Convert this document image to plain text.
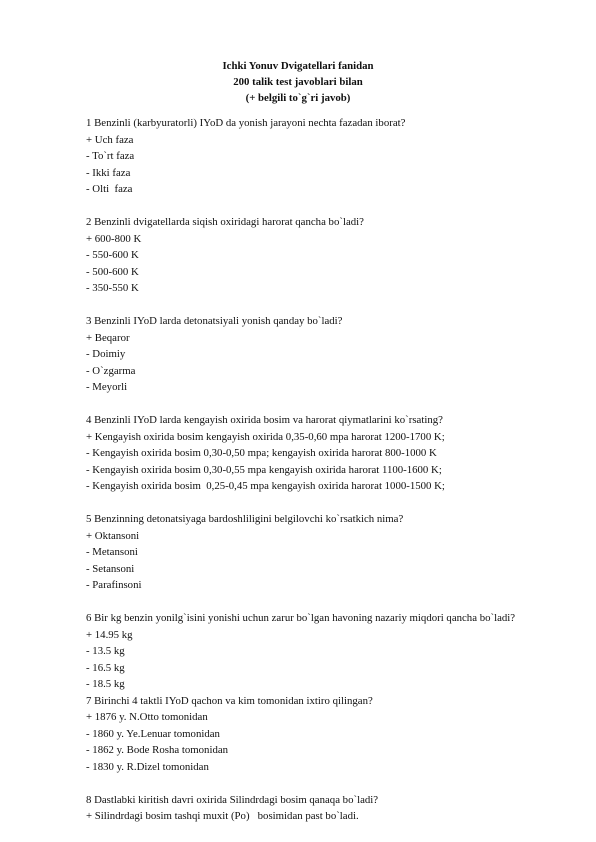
Ichki Yonuv Dvigatellari fanidan
200 talik test javoblari bilan
(+ belgili to`g`ri javob)
1 Benzinli (karbyuratorli) IYoD da yonish jarayoni nechta fazadan iborat?
+ Uch faza
- To`rt faza
- Ikki faza
- Olti  faza
2 Benzinli dvigatellarda siqish oxiridagi harorat qancha bo`ladi?
+ 600-800 K
- 550-600 K
- 500-600 K
- 350-550 K
3 Benzinli IYoD larda detonatsiyali yonish qanday bo`ladi?
+ Beqaror
- Doimiy
- O`zgarma
- Meyorli
4 Benzinli IYoD larda kengayish oxirida bosim va harorat qiymatlarini ko`rsating?
+ Kengayish oxirida bosim kengayish oxirida 0,35-0,60 mpa harorat 1200-1700 K;
- Kengayish oxirida bosim 0,30-0,50 mpa; kengayish oxirida harorat 800-1000 K
- Kengayish oxirida bosim 0,30-0,55 mpa kengayish oxirida harorat 1100-1600 K;
- Kengayish oxirida bosim  0,25-0,45 mpa kengayish oxirida harorat 1000-1500 K;
5 Benzinning detonatsiyaga bardoshliligini belgilovchi ko`rsatkich nima?
+ Oktansoni
- Metansoni
- Setansoni
- Parafinsoni
6 Bir kg benzin yonilg`isini yonishi uchun zarur bo`lgan havoning nazariy miqdori qancha bo`ladi?
+ 14.95 kg
- 13.5 kg
- 16.5 kg
- 18.5 kg
7 Birinchi 4 taktli IYoD qachon va kim tomonidan ixtiro qilingan?
+ 1876 y. N.Otto tomonidan
- 1860 y. Ye.Lenuar tomonidan
- 1862 y. Bode Rosha tomonidan
- 1830 y. R.Dizel tomonidan
8 Dastlabki kiritish davri oxirida Silindrdagi bosim qanaqa bo`ladi?
+ Silindrdagi bosim tashqi muxit (Po)   bosimidan past bo`ladi.
